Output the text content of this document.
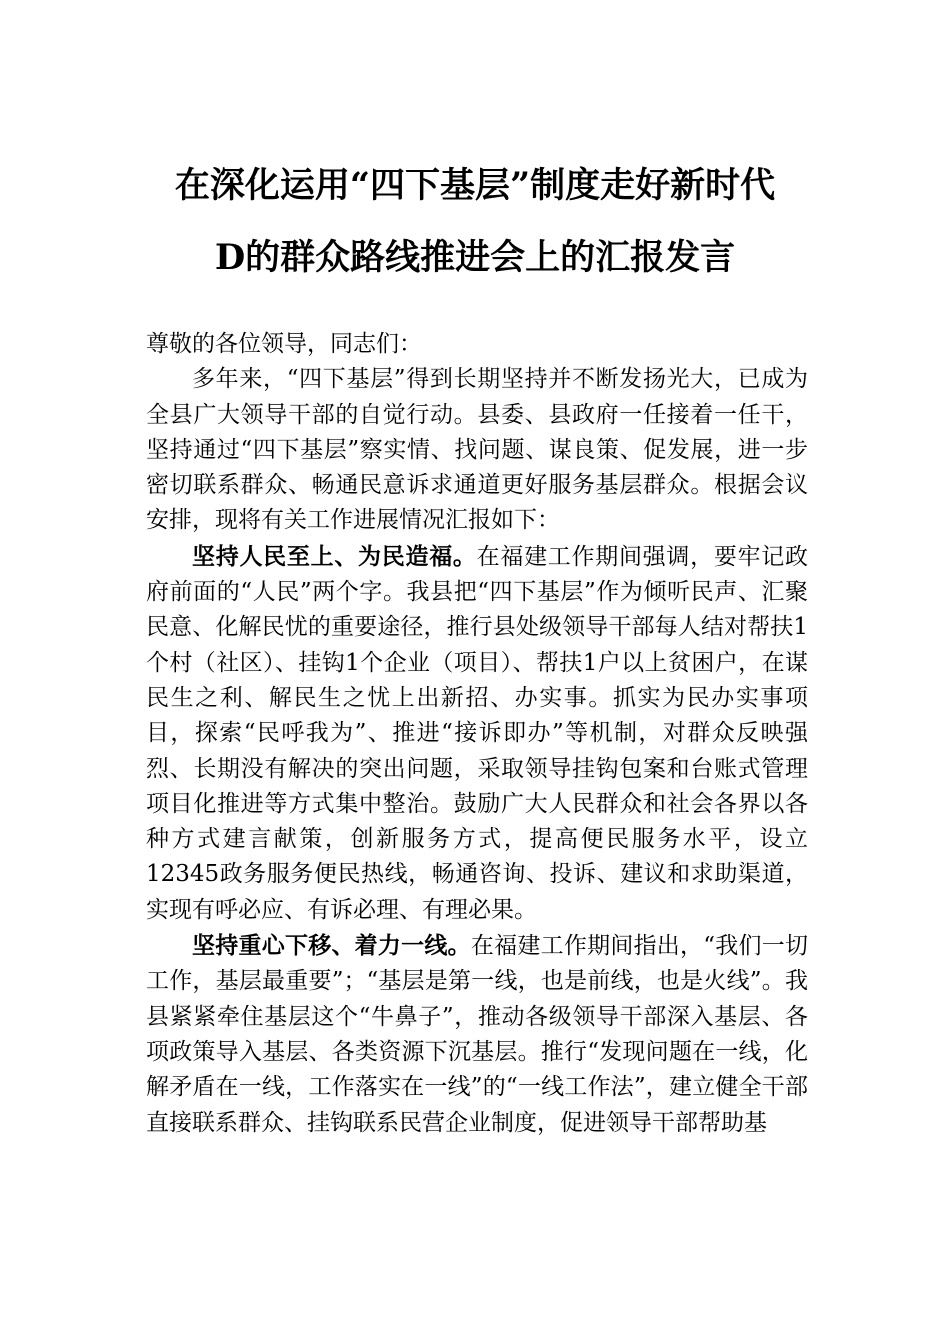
在深化运用“四下基层”制度走好新时代
D的群众路线推进会上的汇报发言

尊敬的各位领导，同志们：

多年来，“四下基层”得到长期坚持并不断发扬光大，已成为全县广大领导干部的自觉行动。县委、县政府一任接着一任干，坚持通过“四下基层”察实情、找问题、谋良策、促发展，进一步密切联系群众、畅通民意诉求通道更好服务基层群众。根据会议安排，现将有关工作进展情况汇报如下：

坚持人民至上、为民造福。在福建工作期间强调，要牢记政府前面的“人民”两个字。我县把“四下基层”作为倾听民声、汇聚民意、化解民忧的重要途径，推行县处级领导干部每人结对帮扶1个村（社区）、挂钩1个企业（项目）、帮扶1户以上贫困户，在谋民生之利、解民生之忧上出新招、办实事。抓实为民办实事项目，探索“民呼我为”、推进“接诉即办”等机制，对群众反映强烈、长期没有解决的突出问题，采取领导挂钩包案和台账式管理项目化推进等方式集中整治。鼓励广大人民群众和社会各界以各种方式建言献策，创新服务方式，提高便民服务水平，设立12345政务服务便民热线，畅通咨询、投诉、建议和求助渠道，实现有呼必应、有诉必理、有理必果。

坚持重心下移、着力一线。在福建工作期间指出，“我们一切工作，基层最重要”；“基层是第一线，也是前线，也是火线”。我县紧紧牵住基层这个“牛鼻子”，推动各级领导干部深入基层、各项政策导入基层、各类资源下沉基层。推行“发现问题在一线，化解矛盾在一线，工作落实在一线”的“一线工作法”，建立健全干部直接联系群众、挂钩联系民营企业制度，促进领导干部帮助基
